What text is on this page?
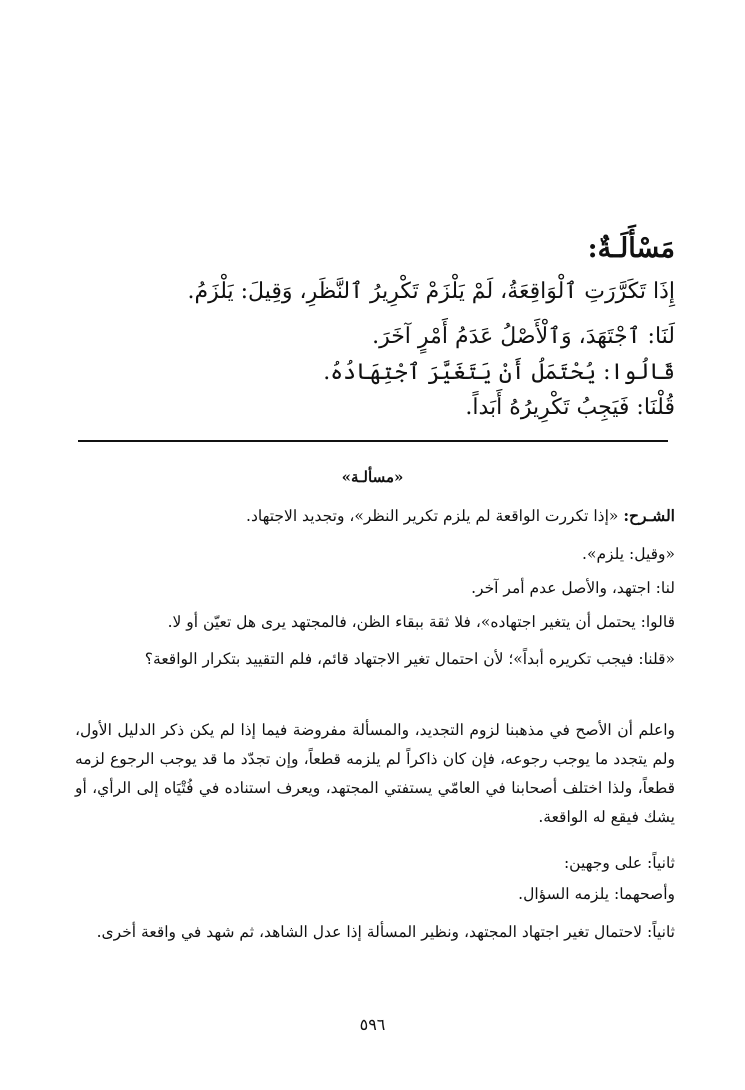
مَسْأَلَـةٌ:
إِذَا تَكَرَّرَتِ ٱلْوَاقِعَةُ، لَمْ يَلْزَمْ تَكْرِيرُ ٱلنَّظَرِ، وَقِيلَ: يَلْزَمُ.
لَنَا: ٱجْتَهَدَ، وَٱلْأَصْلُ عَدَمُ أَمْرٍ آخَرَ.
قَالُوا: يُحْتَمَلُ أَنْ يَتَغَيَّرَ ٱجْتِهَادُهُ.
قُلْنَا: فَيَجِبُ تَكْرِيرُهُ أَبَداً.
«مسألـة»
الشـرح: «إذا تكررت الواقعة لم يلزم تكرير النظر»، وتجديد الاجتهاد.
«وقيل: يلزم».
لنا: اجتهد، والأصل عدم أمر آخر.
قالوا: يحتمل أن يتغير اجتهاده»، فلا ثقة ببقاء الظن، فالمجتهد يرى هل تعيّن أو لا.
«قلنا: فيجب تكريره أبداً»؛ لأن احتمال تغير الاجتهاد قائم، فلم التقييد بتكرار الواقعة؟
واعلم أن الأصح في مذهبنا لزوم التجديد، والمسألة مفروضة فيما إذا لم يكن ذكر الدليل الأول، ولم يتجدد ما يوجب رجوعه، فإن كان ذاكراً لم يلزمه قطعاً، وإن تجدّد ما قد يوجب الرجوع لزمه قطعاً، ولذا اختلف أصحابنا في العامّي يستفتي المجتهد، ويعرف استناده في فُتْيَاه إلى الرأي، أو يشك فيقع له الواقعة.
ثانياً: على وجهين:
وأصحهما: يلزمه السؤال.
ثانياً: لاحتمال تغير اجتهاد المجتهد، ونظير المسألة إذا عدل الشاهد، ثم شهد في واقعة أخرى.
٥٩٦
